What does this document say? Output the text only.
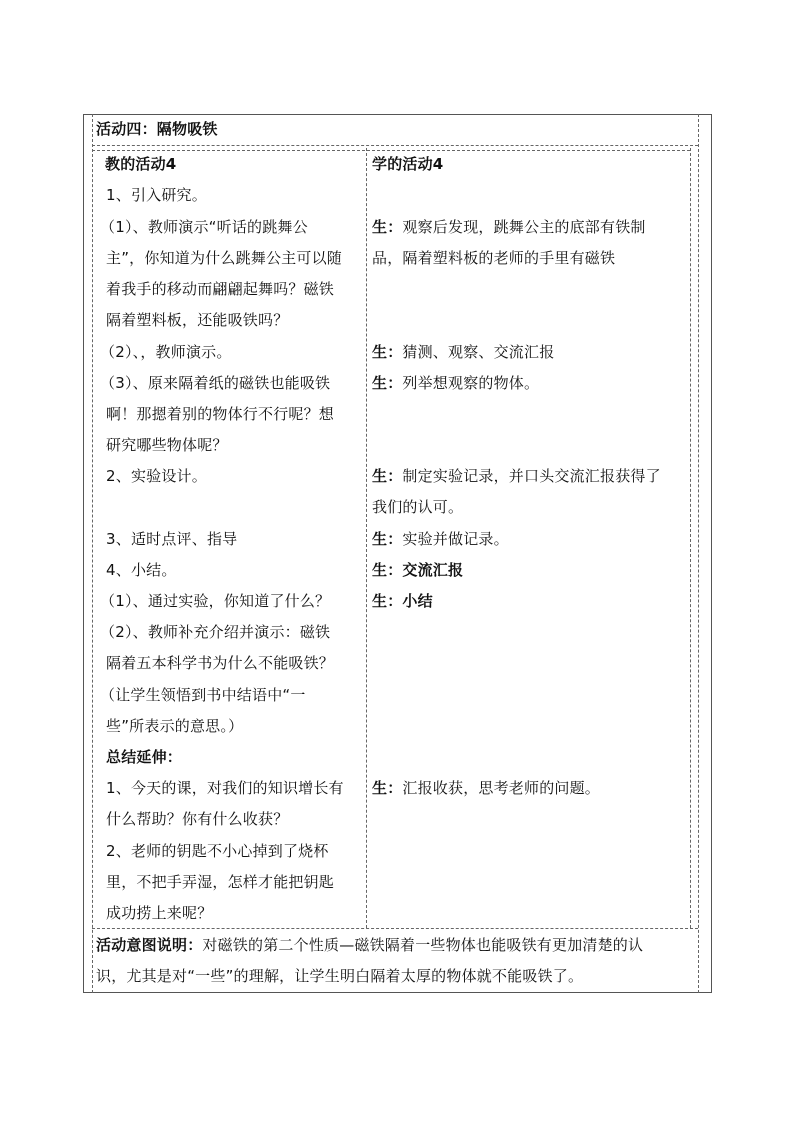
活动四：隔物吸铁
教的活动4	学的活动4
1、引入研究。
（1）、教师演示“听话的跳舞公
主”，你知道为什么跳舞公主可以随
着我手的移动而翩翩起舞吗？磁铁
隔着塑料板，还能吸铁吗？
（2）、，教师演示。
（3）、原来隔着纸的磁铁也能吸铁
啊！那摁着别的物体行不行呢？想
研究哪些物体呢？
2、实验设计。
3、适时点评、指导
4、小结。
（1）、通过实验，你知道了什么？
（2）、教师补充介绍并演示：磁铁
隔着五本科学书为什么不能吸铁？
（让学生领悟到书中结语中“一
些”所表示的意思。）
总结延伸：
1、今天的课，对我们的知识增长有
什么帮助？你有什么收获？
2、老师的钥匙不小心掉到了烧杯
里，不把手弄湿，怎样才能把钥匙
成功捞上来呢？
生：观察后发现，跳舞公主的底部有铁制
品，隔着塑料板的老师的手里有磁铁
生：猜测、观察、交流汇报
生：列举想观察的物体。
生：制定实验记录，并口头交流汇报获得了
我们的认可。
生：实验并做记录。
生：交流汇报
生：小结
生：汇报收获，思考老师的问题。
活动意图说明：对磁铁的第二个性质—磁铁隔着一些物体也能吸铁有更加清楚的认
识，尤其是对“一些”的理解，让学生明白隔着太厚的物体就不能吸铁了。
